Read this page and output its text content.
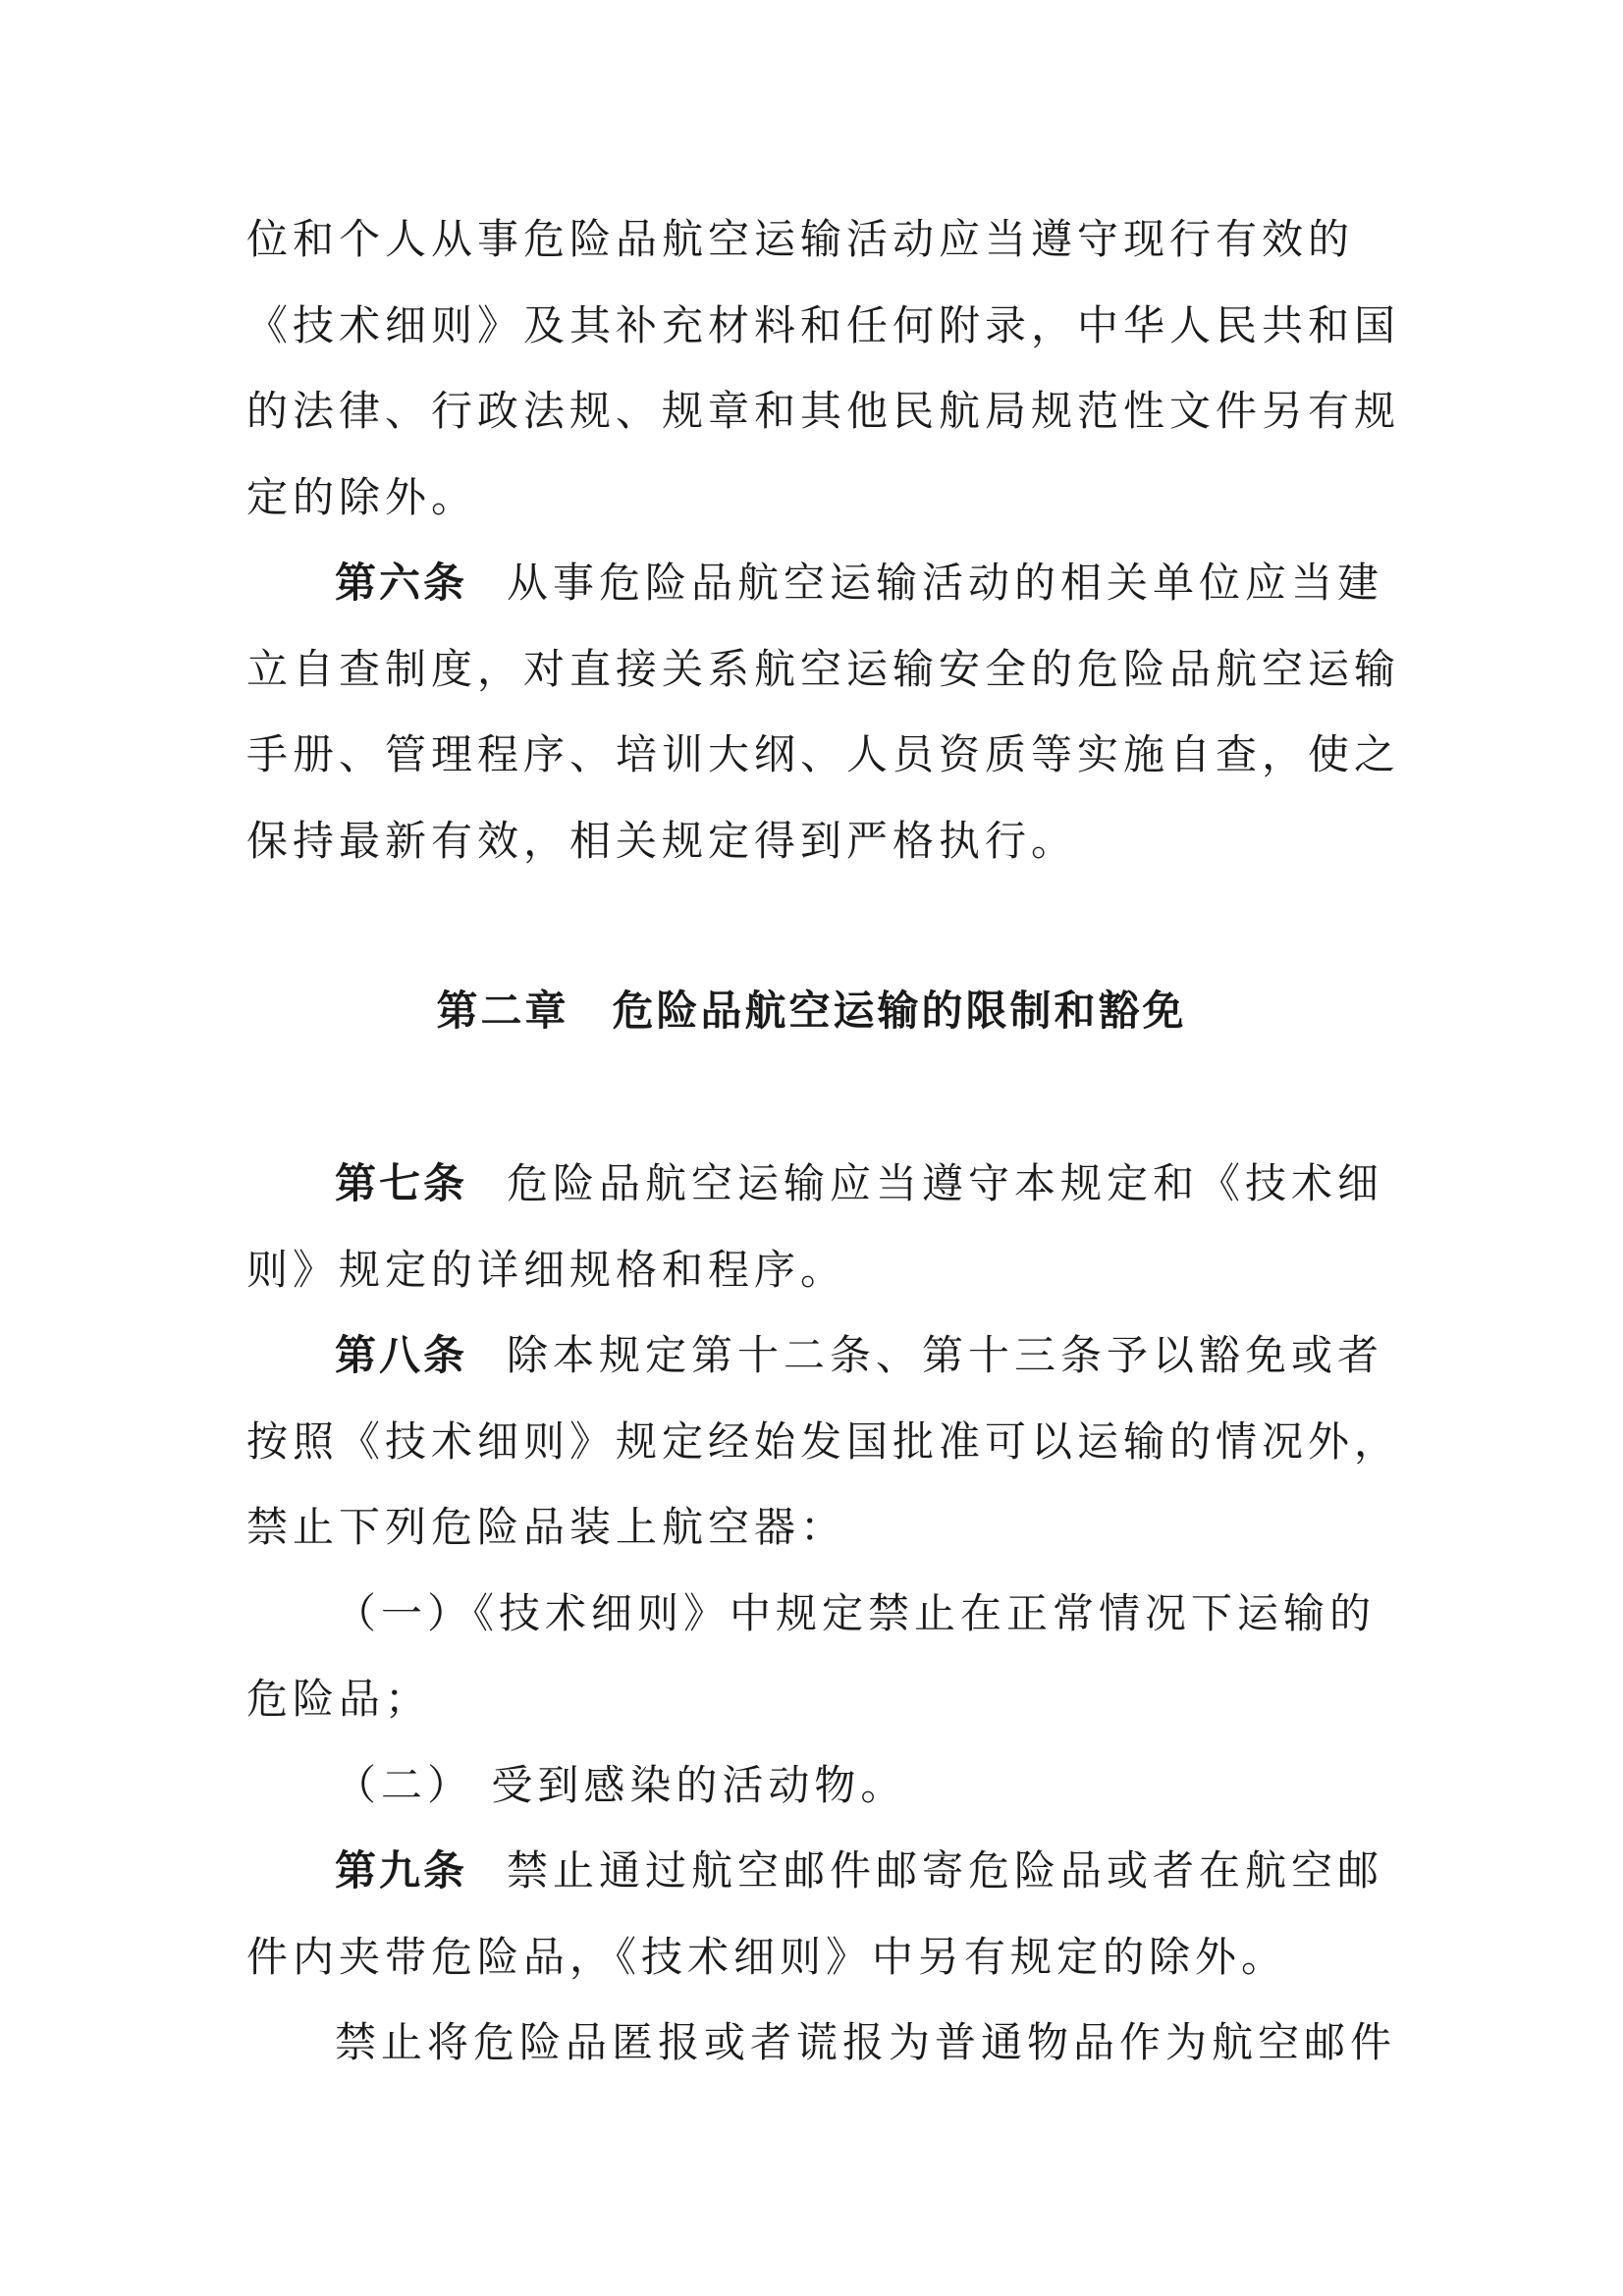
位和个人从事危险品航空运输活动应当遵守现行有效的
《技术细则》及其补充材料和任何附录，中华人民共和国
的法律、行政法规、规章和其他民航局规范性文件另有规
定的除外。
第六条 从事危险品航空运输活动的相关单位应当建
立自查制度，对直接关系航空运输安全的危险品航空运输
手册、管理程序、培训大纲、人员资质等实施自查，使之
保持最新有效，相关规定得到严格执行。
第二章 危险品航空运输的限制和豁免
第七条 危险品航空运输应当遵守本规定和《技术细
则》规定的详细规格和程序。
第八条 除本规定第十二条、第十三条予以豁免或者
按照《技术细则》规定经始发国批准可以运输的情况外，
禁止下列危险品装上航空器：
（一）《技术细则》中规定禁止在正常情况下运输的
危险品；
（二） 受到感染的活动物。
第九条 禁止通过航空邮件邮寄危险品或者在航空邮
件内夹带危险品，《技术细则》中另有规定的除外。
禁止将危险品匿报或者谎报为普通物品作为航空邮件
